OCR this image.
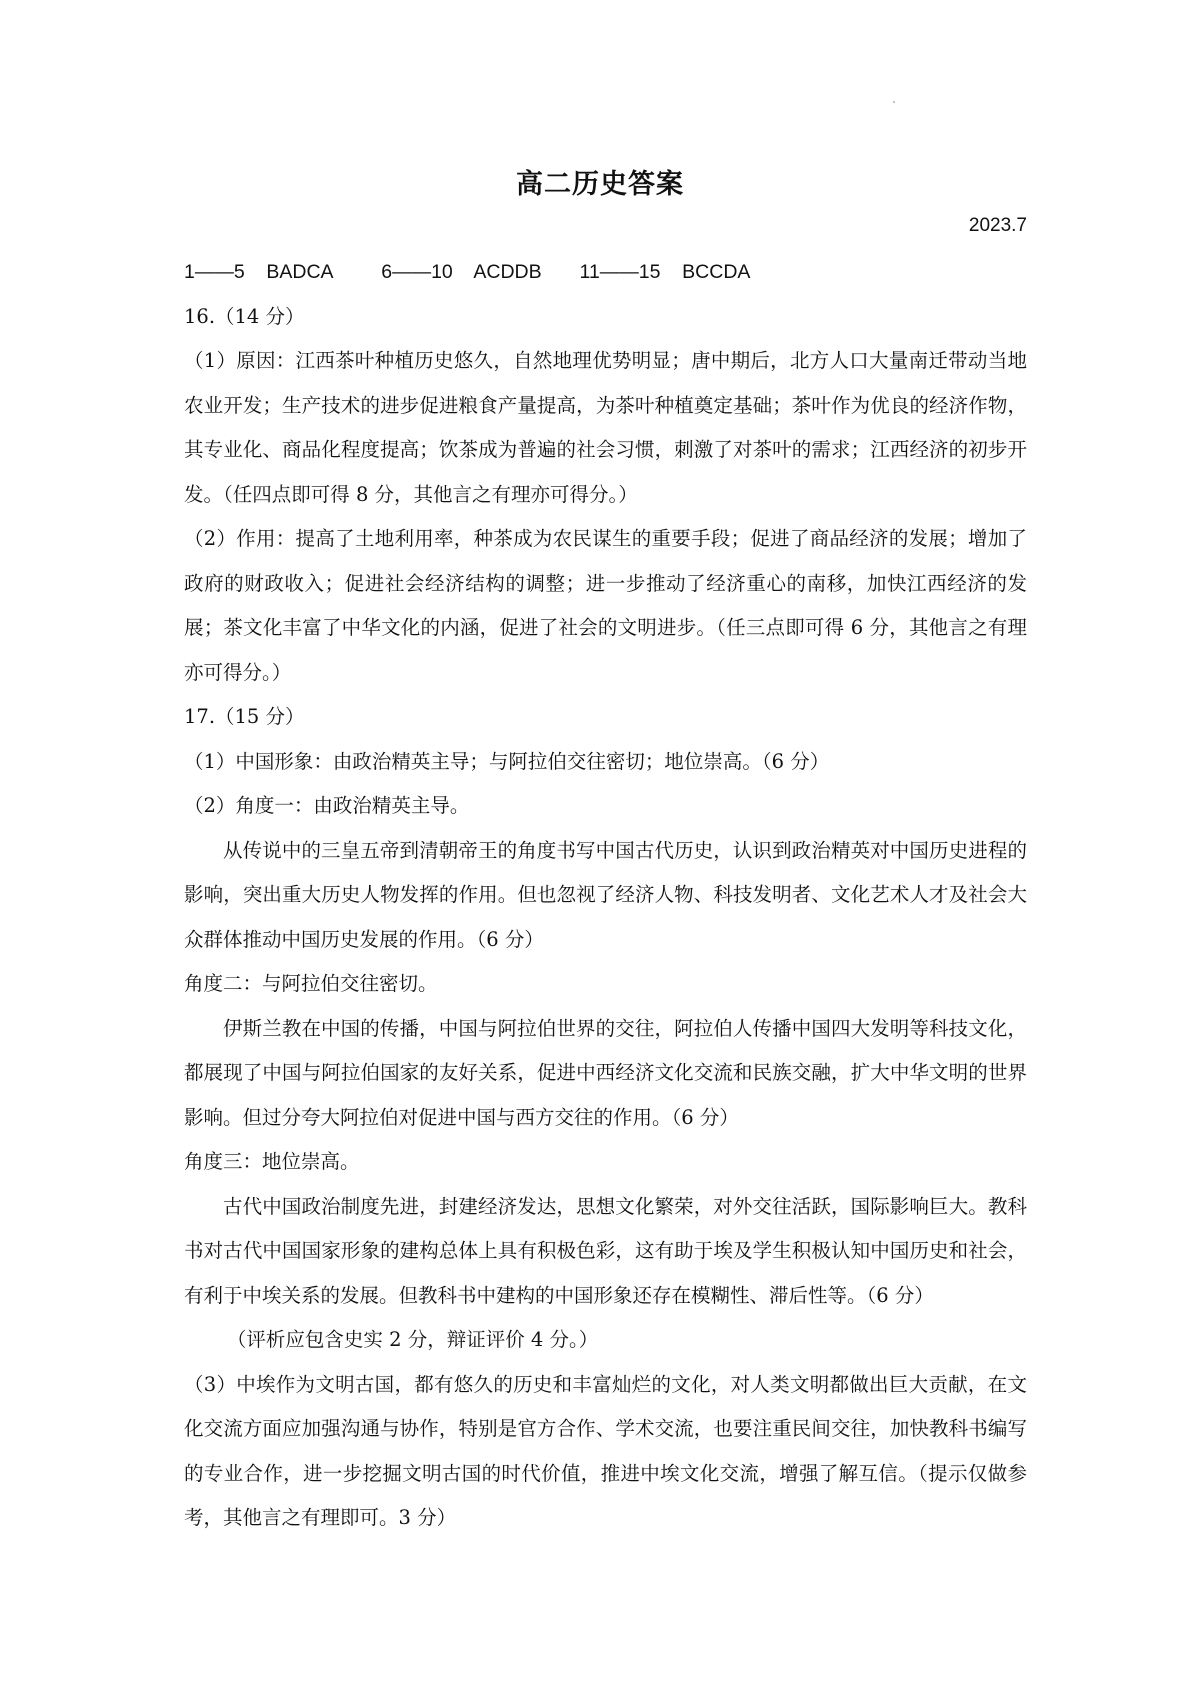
ˢ
高二历史答案
2023.7

1——5    BADCA         6——10    ACDDB       11——15    BCCDA

16.（14 分）

（1）原因：江西茶叶种植历史悠久，自然地理优势明显；唐中期后，北方人口大量南迁带动当地农业开发；生产技术的进步促进粮食产量提高，为茶叶种植奠定基础；茶叶作为优良的经济作物，其专业化、商品化程度提高；饮茶成为普遍的社会习惯，刺激了对茶叶的需求；江西经济的初步开发。（任四点即可得 8 分，其他言之有理亦可得分。）

（2）作用：提高了土地利用率，种茶成为农民谋生的重要手段；促进了商品经济的发展；增加了政府的财政收入；促进社会经济结构的调整；进一步推动了经济重心的南移，加快江西经济的发展；茶文化丰富了中华文化的内涵，促进了社会的文明进步。（任三点即可得 6 分，其他言之有理亦可得分。）

17.（15 分）

（1）中国形象：由政治精英主导；与阿拉伯交往密切；地位崇高。（6 分）

（2）角度一：由政治精英主导。

从传说中的三皇五帝到清朝帝王的角度书写中国古代历史，认识到政治精英对中国历史进程的影响，突出重大历史人物发挥的作用。但也忽视了经济人物、科技发明者、文化艺术人才及社会大众群体推动中国历史发展的作用。（6 分）

角度二：与阿拉伯交往密切。

伊斯兰教在中国的传播，中国与阿拉伯世界的交往，阿拉伯人传播中国四大发明等科技文化，都展现了中国与阿拉伯国家的友好关系，促进中西经济文化交流和民族交融，扩大中华文明的世界影响。但过分夸大阿拉伯对促进中国与西方交往的作用。（6 分）

角度三：地位崇高。

古代中国政治制度先进，封建经济发达，思想文化繁荣，对外交往活跃，国际影响巨大。教科书对古代中国国家形象的建构总体上具有积极色彩，这有助于埃及学生积极认知中国历史和社会，有利于中埃关系的发展。但教科书中建构的中国形象还存在模糊性、滞后性等。（6 分）

（评析应包含史实 2 分，辩证评价 4 分。）

（3）中埃作为文明古国，都有悠久的历史和丰富灿烂的文化，对人类文明都做出巨大贡献，在文化交流方面应加强沟通与协作，特别是官方合作、学术交流，也要注重民间交往，加快教科书编写的专业合作，进一步挖掘文明古国的时代价值，推进中埃文化交流，增强了解互信。（提示仅做参考，其他言之有理即可。3 分）
